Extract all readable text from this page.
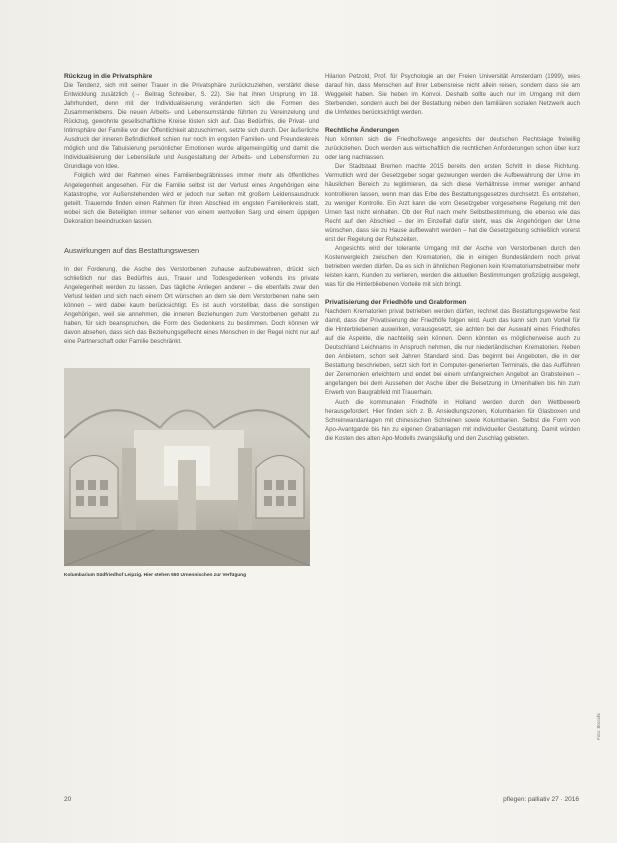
Rückzug in die Privatsphäre

Die Tendenz, sich mit seiner Trauer in die Privatsphäre zurückzuziehen, verstärkt diese Entwicklung zusätzlich (→ Beitrag Schreiber, S. 22). Sie hat ihren Ursprung im 18. Jahrhundert, denn mit der Individualisierung veränderten sich die Formen des Zusammenlebens. Die neuen Arbeits- und Lebensumstände führten zu Vereinzelung und Rückzug, gewohnte gesellschaftliche Kreise lösten sich auf. Das Bedürfnis, die Privat- und Intimsphäre der Familie vor der Öffentlichkeit abzuschirmen, setzte sich durch. Der äußerliche Ausdruck der inneren Befindlichkeit schien nur noch im engsten Familien- und Freundeskreis möglich und die Tabuisierung persönlicher Emotionen wurde allgemeingültig und damit die Individualisierung der Lebensläufe und Ausgestaltung der Arbeits- und Lebensformen zu Grundlage von Idee.

Folglich wird der Rahmen eines Familienbegräbnisses immer mehr als öffentliches Angelegenheit angesehen. Für die Familie selbst ist der Verlust eines Angehörigen eine Katastrophe, vor Außenstehenden wird er jedoch nur selten mit großem Leidensausdruck geteilt. Trauernde finden einen Rahmen für ihren Abschied im engsten Familienkreis statt, wobei sich die Beteiligten immer seltener von einem wertvollen Sarg und einem üppigen Dekoration beeindrucken lassen.

Auswirkungen auf das Bestattungswesen

In der Forderung, die Asche des Verstorbenen zuhause aufzubewahren, drückt sich schließlich nur das Bedürfnis aus, Trauer und Todesgedenken vollends ins private Angelegenheit werden zu lassen. Das tägliche Anliegen anderer – die ebenfalls zwar den Verlust leiden und sich nach einem Ort wünschen an dem sie dem Verstorbenen nahe sein können – wird dabei kaum berücksichtigt. Es ist auch vorstellbar, dass die sonstigen Angehörigen, weil sie annehmen, die inneren Beziehungen zum Verstorbenen gehabt zu haben, für sich beanspruchen, die Form des Gedenkens zu bestimmen. Doch können wir davon absehen, dass sich das Beziehungsgeflecht eines Menschen in der Regel nicht nur auf eine Partnerschaft oder Familie beschränkt.

Kolumbarium Südfriedhof Leipzig. Hier stehen 550 Urnennischen zur Verfügung

Hilarion Petzold, Prof. für Psychologie an der Freien Universität Amsterdam (1999), wies darauf hin, dass Menschen auf ihrer Lebensreise nicht allein reisen, sondern dass sie am Weggeleit haben. Sie heben im Konvoi. Deshalb sollte auch nur im Umgang mit dem Sterbenden, sondern auch bei der Bestattung neben den familiären sozialen Netzwerk auch die Umfeldes berücksichtigt werden.

Rechtliche Änderungen

Nun könnten sich die Friedhofswege angesichts der deutschen Rechtslage freiwillig zurückziehen. Doch werden aus wirtschaftlich die rechtlichen Anforderungen schon über kurz oder lang nachlassen.

Der Stadtstaat Bremen machte 2015 bereits den ersten Schritt in diese Richtung. Vermutlich wird der Gesetzgeber sogar gezwungen werden die Aufbewahrung der Urne im häuslichen Bereich zu legitimieren, da sich diese Verhältnisse immer weniger anhand kontrollieren lassen, wenn man das Erbe des Bestattungsgesetzes durchsetzt. Es entstehen, zu weniger Kontrolle. Ein Arzt kann die vom Gesetzgeber vorgesehene Regelung mit den Urnen fast nicht einhalten. Ob der Ruf nach mehr Selbstbestimmung, die ebenso wie das Recht auf den Abschied – der im Einzelfall dafür steht, was die Angehörigen der Urne wünschen, dass sie zu Hause aufbewahrt werden – hat die Gesetzgebung schließlich vorerst erst der Regelung der Ruhezeiten.

Angesichts wird der tolerante Umgang mit der Asche von Verstorbenen durch den Kostenvergleich zwischen den Krematorien, die in einigen Bundesländern noch privat betrieben werden dürfen. Da es sich in ähnlichen Regionen kein Krematoriumsbetreiber mehr leisten kann, Kunden zu verlieren, werden die aktuellen Bestimmungen großzügig ausgelegt, was für die Hinterbliebenen Vorteile mit sich bringt.

Privatisierung der Friedhöfe und Grabformen

Nachdem Krematorien privat betrieben werden dürfen, rechnet das Bestattungsgewerbe fest damit, dass der Privatisierung der Friedhöfe folgen wird. Auch das kann sich zum Vorteil für die Hinterbliebenen auswirken, vorausgesetzt, sie achten bei der Auswahl eines Friedhofes auf die Aspekte, die nachteilig sein können. Denn könnten es möglicherweise auch zu Deutschland Leichnams in Anspruch nehmen, die nur niederländischen Krematorien. Neben den Anbietern, schon seit Jahren Standard sind. Das beginnt bei Angeboten, die in der Bestattung beschrieben, setzt sich fort in Computer-generierten Terminals, die das Aufführen der Zeremonien erleichtern und endet bei einem umfangreichen Angebot an Grabsteinen – angefangen bei dem Aussehen der Asche über die Beisetzung in Urnenhallen bis hin zum Erwerb von Baugrabfeld mit Trauerhain.

Auch die kommunalen Friedhöfe in Holland werden durch den Wettbewerb herausgefordert. Hier finden sich z. B. Ansiedlungszonen, Kolumbarien für Glasboxen und Schreinwandanlagen mit chinesischen Schreinen sowie Kolumbarien. Selbst die Form von Apo-Avantgarde bis hin zu eigenen Grabanlagen mit individueller Gestaltung. Damit würden die Kosten des alten Apo-Modells zwangsläufig und den Zuschlag gebieten.

Foto: Brocchi
20	pflegen: palliativ 27 · 2016
